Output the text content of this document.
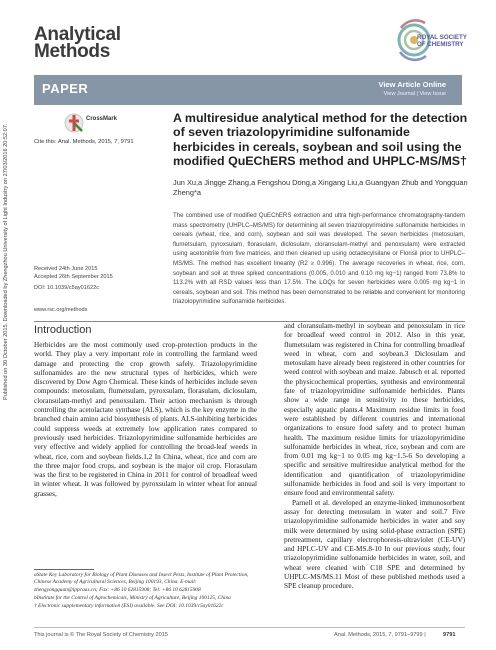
Analytical
Methods
ROYAL SOCIETY OF CHEMISTRY
PAPER	View Article Online
View Journal | View Issue
Published on 30 October 2015. Downloaded by Zhengzhou University of Light Industry on 27/03/2016 20:52:07.
CrossMark
Cite this: Anal. Methods, 2015, 7, 9791
A multiresidue analytical method for the detection of seven triazolopyrimidine sulfonamide herbicides in cereals, soybean and soil using the modified QuEChERS method and UHPLC-MS/MS†
Jun Xu,a Jingge Zhang,a Fengshou Dong,a Xingang Liu,a Guangyan Zhub and Yongquan Zheng*a
The combined use of modified QuEChERS extraction and ultra high-performance chromatography-tandem mass spectrometry (UHPLC–MS/MS) for determining all seven triazolopyrimidine sulfonamide herbicides in cereals (wheat, rice, and corn), soybean and soil was developed. The seven herbicides (metosulam, flumetsulam, pyroxsulam, florasulam, diclosulam, cloransulam-methyl and penoxsulam) were extracted using acetonitrile from five matrices, and then cleaned up using octadecylsilane or Florisil prior to UHPLC–MS/MS. The method has excellent linearity (R2 ≥ 0.996). The average recoveries in wheat, rice, corn, soybean and soil at three spiked concentrations (0.005, 0.010 and 0.10 mg kg−1) ranged from 73.8% to 113.2% with all RSD values less than 17.5%. The LOQs for seven herbicides were 0.005 mg kg−1 in cereals, soybean and soil. This method has been demonstrated to be reliable and convenient for monitoring triazolopyrimidine sulfonamide herbicides.
Received 24th June 2015
Accepted 26th September 2015
DOI: 10.1039/c5ay01622c
www.rsc.org/methods
Introduction

Herbicides are the most commonly used crop-protection products in the world. They play a very important role in controlling the farmland weed damage and protecting the crop growth safely. Triazolopyrimidine sulfonamides are the new structural types of herbicides, which were discovered by Dow Agro Chemical. These kinds of herbicides include seven compounds: metosulam, flumetsulam, pyroxsulam, florasulam, diclosulam, cloransulam-methyl and penoxsulam. Their action mechanism is through controlling the acetolactate synthase (ALS), which is the key enzyme in the branched chain amino acid biosynthesis of plants. ALS-inhibiting herbicides could suppress weeds at extremely low application rates compared to previously used herbicides. Triazolopyrimidine sulfonamide herbicides are very effective and widely applied for controlling the broad-leaf weeds in wheat, rice, corn and soybean fields.1,2 In China, wheat, rice and corn are the three major food crops, and soybean is the major oil crop. Florasulam was the first to be registered in China in 2011 for control of broadleaf weed in winter wheat. It was followed by pyroxsulam in winter wheat for annual grasses,

and cloransulam-methyl in soybean and penoxsulam in rice for broadleaf weed control in 2012. Also in this year, flumetsulam was registered in China for controlling broadleaf weed in wheat, corn and soybean.3 Diclosulam and metosulam have already been registered in other countries for weed control with soybean and maize. Jabusch et al. reported the physicochemical properties, synthesis and environmental fate of triazolopyrimidine sulfonamide herbicides. Plants show a wide range in sensitivity to these herbicides, especially aquatic plants.4 Maximum residue limits in food were established by different countries and international organizations to ensure food safety and to protect human health. The maximum residue limits for triazolopyrimidine sulfonamide herbicides in wheat, rice, soybean and corn are from 0.01 mg kg−1 to 0.05 mg kg−1.5-6 So developing a specific and sensitive multiresidue analytical method for the identification and quantification of triazolopyrimidine sulfonamide herbicides in food and soil is very important to ensure food and environmental safety.

Parnell et al. developed an enzyme-linked immunosorbent assay for detecting metosulam in water and soil.7 Five triazolopyrimidine sulfonamide herbicides in water and soy milk were determined by using solid-phase extraction (SPE) pretreatment, capillary electrophoresis-ultraviolet (CE-UV) and HPLC-UV and CE-MS.8-10 In our previous study, four triazolopyrimidine sulfonamide herbicides in water, soil, and wheat were cleaned with C18 SPE and determined by UHPLC-MS/MS.11 Most of these published methods used a SPE cleanup procedure.

aState Key Laboratory for Biology of Plant Diseases and Insect Pests, Institute of Plant Protection, Chinese Academy of Agricultural Sciences, Beijing 100193, China. E-mail: zhengyongquan@ippcaas.cn; Fax: +86 10 62815908; Tel: +86 10 62815908

bInstitute for the Control of Agrochemicals, Ministry of Agriculture, Beijing 100125, China

† Electronic supplementary information (ESI) available. See DOI: 10.1039/c5ay01622c

This journal is © The Royal Society of Chemistry 2015	Anal. Methods, 2015, 7, 9791–9799 |	9791
